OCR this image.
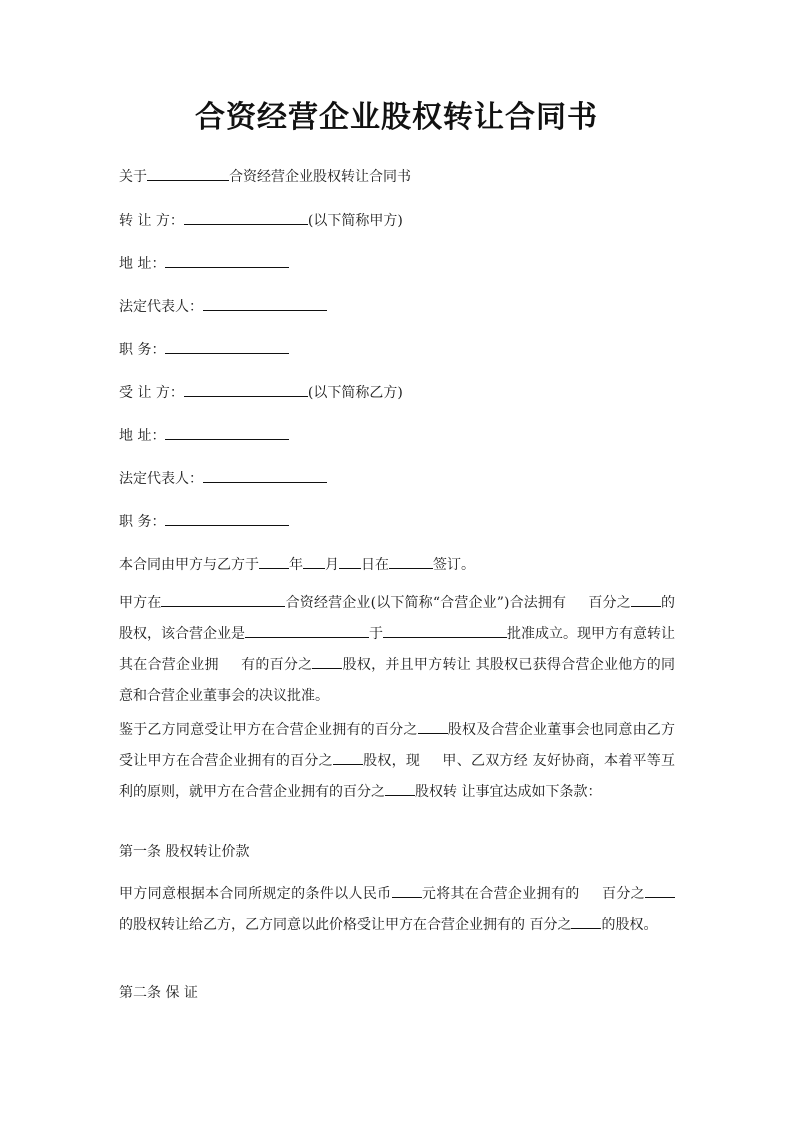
合资经营企业股权转让合同书
关于	合资经营企业股权转让合同书
转 让 方：	(以下简称甲方)
地 址：
法定代表人：
职 务：
受 让 方：	(以下简称乙方)
地 址：
法定代表人：
职 务：
本合同由甲方与乙方于 年 月 日在	签订。
甲方在	合资经营企业(以下简称“合营企业”)合法拥有 百分之 的股权，该合营企业是	于	批准成立。现甲方有意转让其在合营企业拥 有的百分之 股权，并且甲方转让 其股权已获得合营企业他方的同意和合营企业董事会的决议批准。
鉴于乙方同意受让甲方在合营企业拥有的百分之 股权及合营企业董事会也同意由乙方受让甲方在合营企业拥有的百分之 股权，现 甲、乙双方经 友好协商，本着平等互利的原则，就甲方在合营企业拥有的百分之 股权转 让事宜达成如下条款：
第一条 股权转让价款
甲方同意根据本合同所规定的条件以人民币 元将其在合营企业拥有的 百分之的股权转让给乙方，乙方同意以此价格受让甲方在合营企业拥有的 百分之 的股权。
第二条 保 证
